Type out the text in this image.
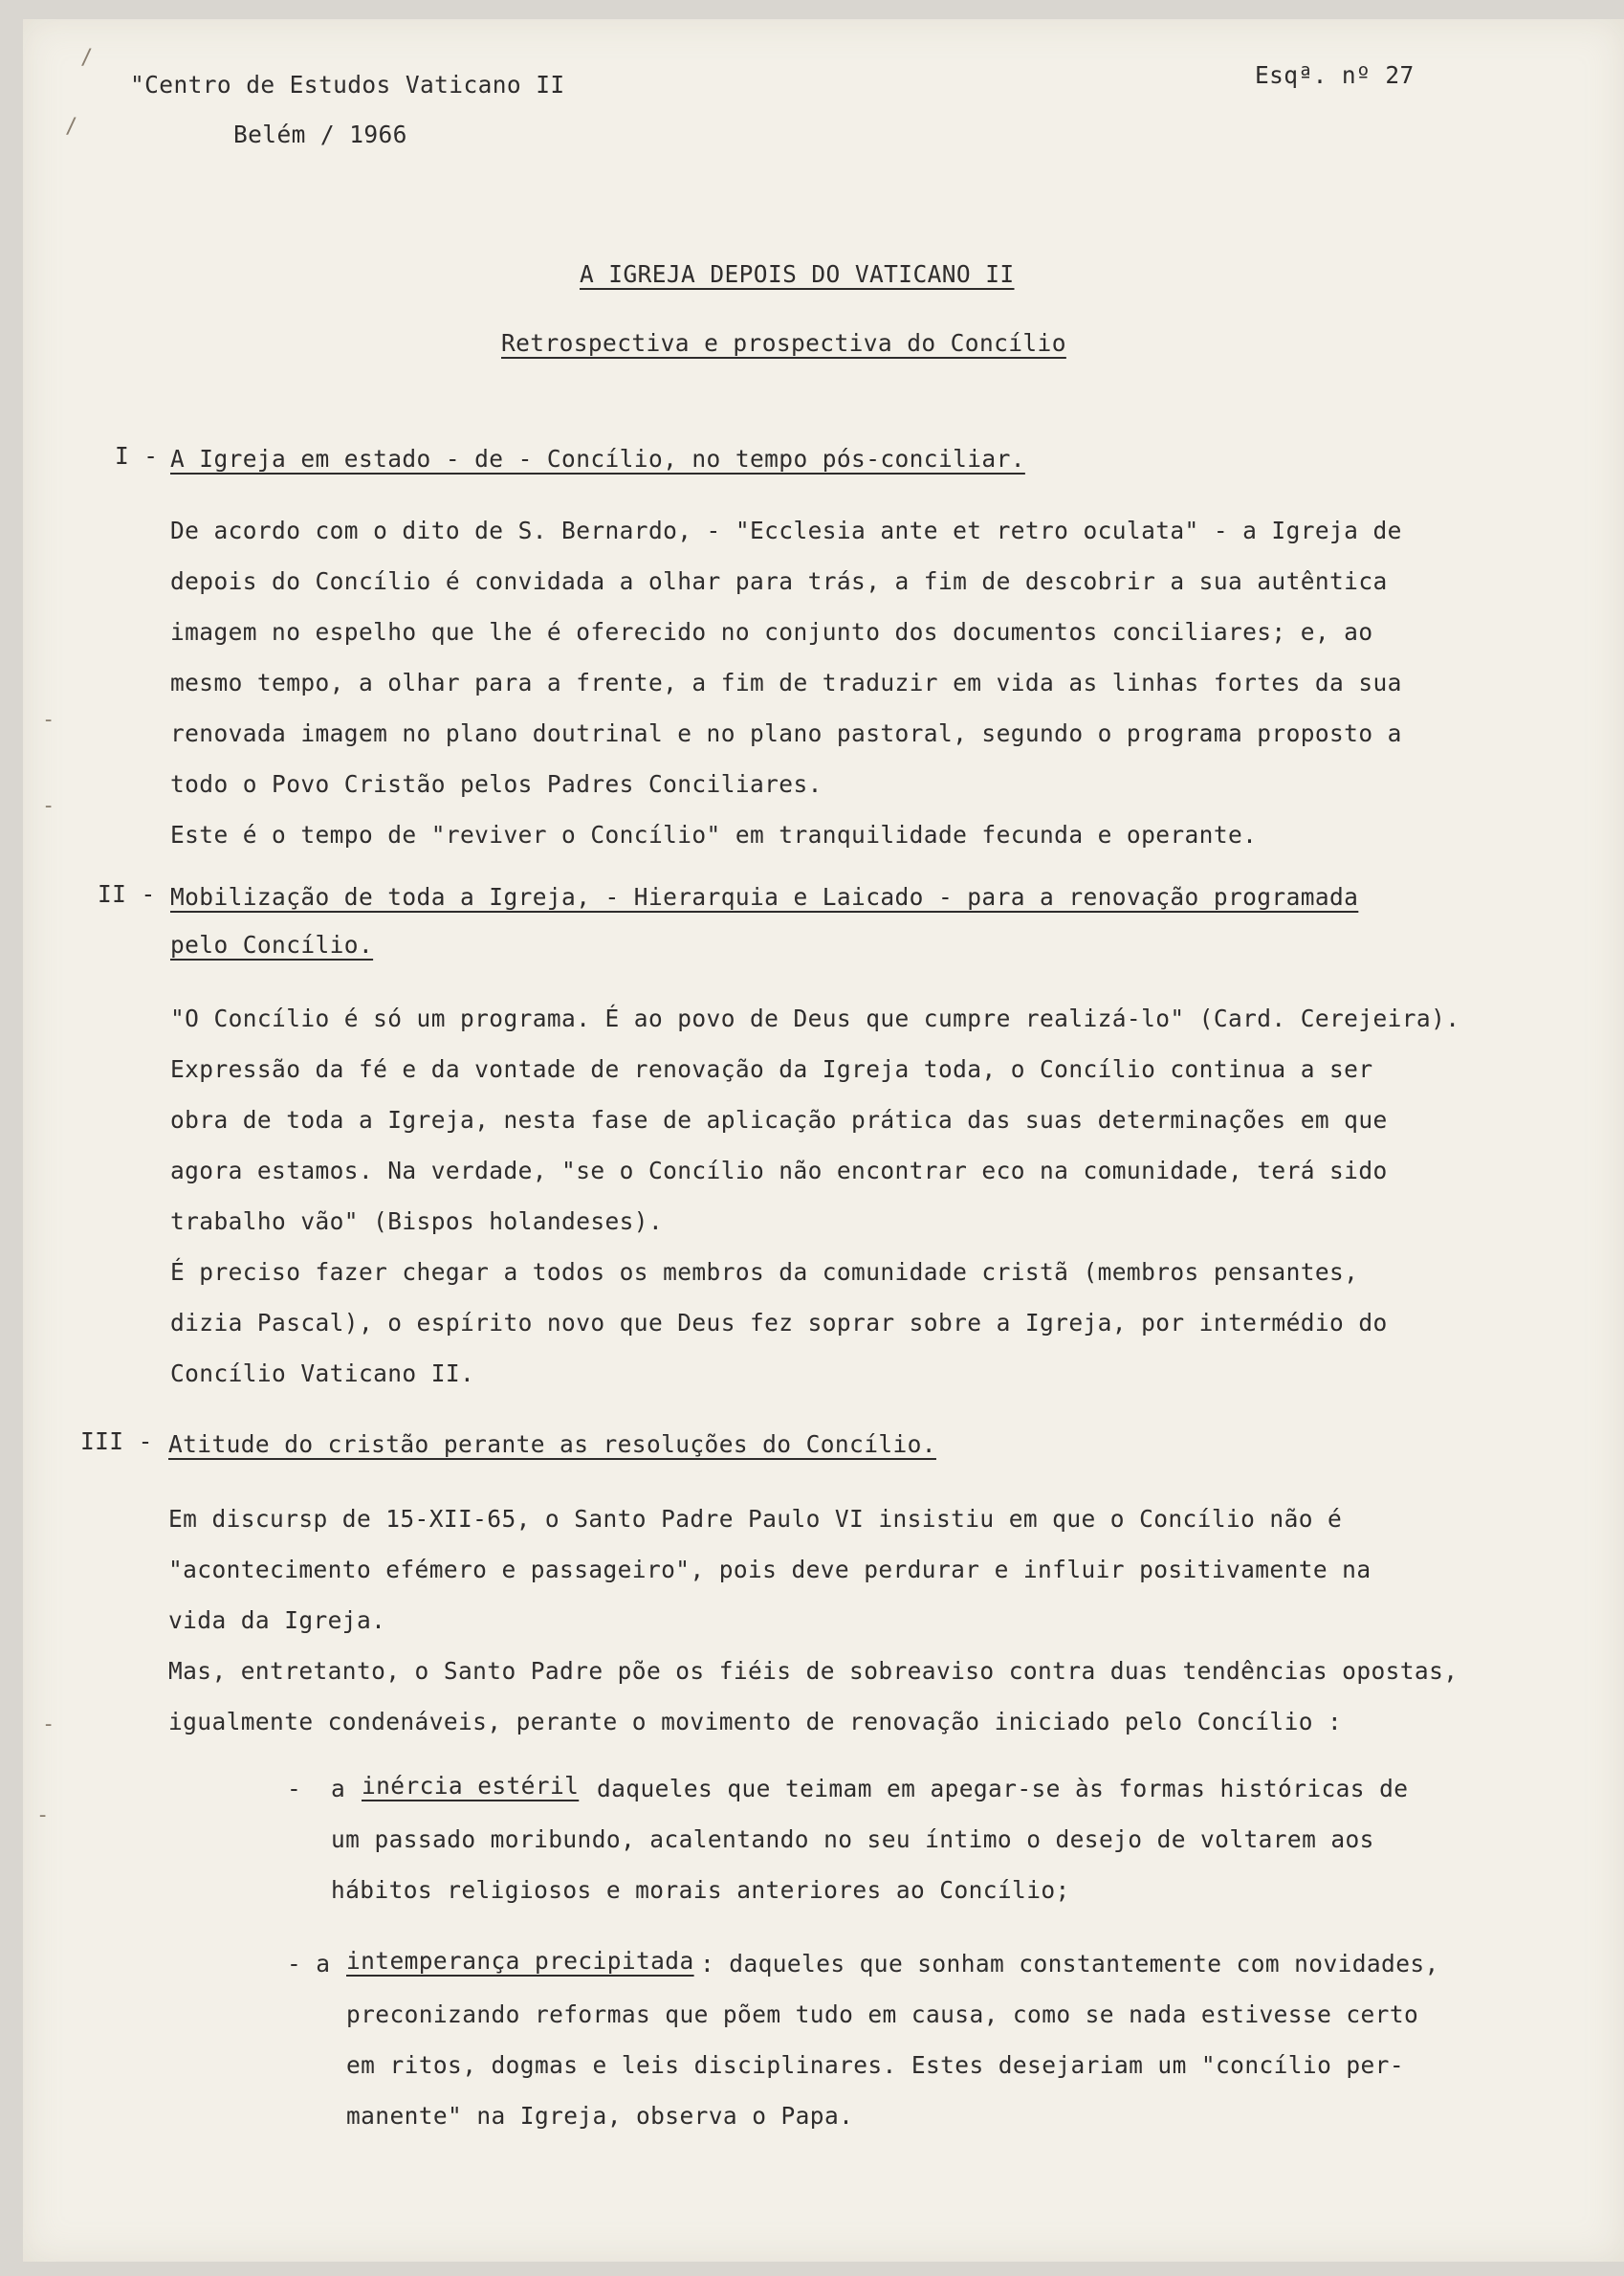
/
/
-
-
-
-
"Centro de Estudos Vaticano II
Belém / 1966
Esqª. nº 27
A IGREJA DEPOIS DO VATICANO II
Retrospectiva e prospectiva do Concílio
I - A Igreja em estado - de - Concílio, no tempo pós-conciliar.
De acordo com o dito de S. Bernardo, - "Ecclesia ante et retro oculata" - a Igreja de
depois do Concílio é convidada a olhar para trás, a fim de descobrir a sua autêntica
imagem no espelho que lhe é oferecido no conjunto dos documentos conciliares; e, ao
mesmo tempo, a olhar para a frente, a fim de traduzir em vida as linhas fortes da sua
renovada imagem no plano doutrinal e no plano pastoral, segundo o programa proposto a
todo o Povo Cristão pelos Padres Conciliares.
Este é o tempo de "reviver o Concílio" em tranquilidade fecunda e operante.
II - Mobilização de toda a Igreja, - Hierarquia e Laicado - para a renovação programada
pelo Concílio.
"O Concílio é só um programa. É ao povo de Deus que cumpre realizá-lo" (Card. Cerejeira).
Expressão da fé e da vontade de renovação da Igreja toda, o Concílio continua a ser
obra de toda a Igreja, nesta fase de aplicação prática das suas determinações em que
agora estamos. Na verdade, "se o Concílio não encontrar eco na comunidade, terá sido
trabalho vão" (Bispos holandeses).
É preciso fazer chegar a todos os membros da comunidade cristã (membros pensantes,
dizia Pascal), o espírito novo que Deus fez soprar sobre a Igreja, por intermédio do
Concílio Vaticano II.
III - Atitude do cristão perante as resoluções do Concílio.
Em discursp de 15-XII-65, o Santo Padre Paulo VI insistiu em que o Concílio não é
"acontecimento efémero e passageiro", pois deve perdurar e influir positivamente na
vida da Igreja.
Mas, entretanto, o Santo Padre põe os fiéis de sobreaviso contra duas tendências opostas,
igualmente condenáveis, perante o movimento de renovação iniciado pelo Concílio :
- a inércia estéril daqueles que teimam em apegar-se às formas históricas de
um passado moribundo, acalentando no seu íntimo o desejo de voltarem aos
hábitos religiosos e morais anteriores ao Concílio;
- a intemperança precipitada : daqueles que sonham constantemente com novidades,
preconizando reformas que põem tudo em causa, como se nada estivesse certo
em ritos, dogmas e leis disciplinares. Estes desejariam um "concílio per-
manente" na Igreja, observa o Papa.
